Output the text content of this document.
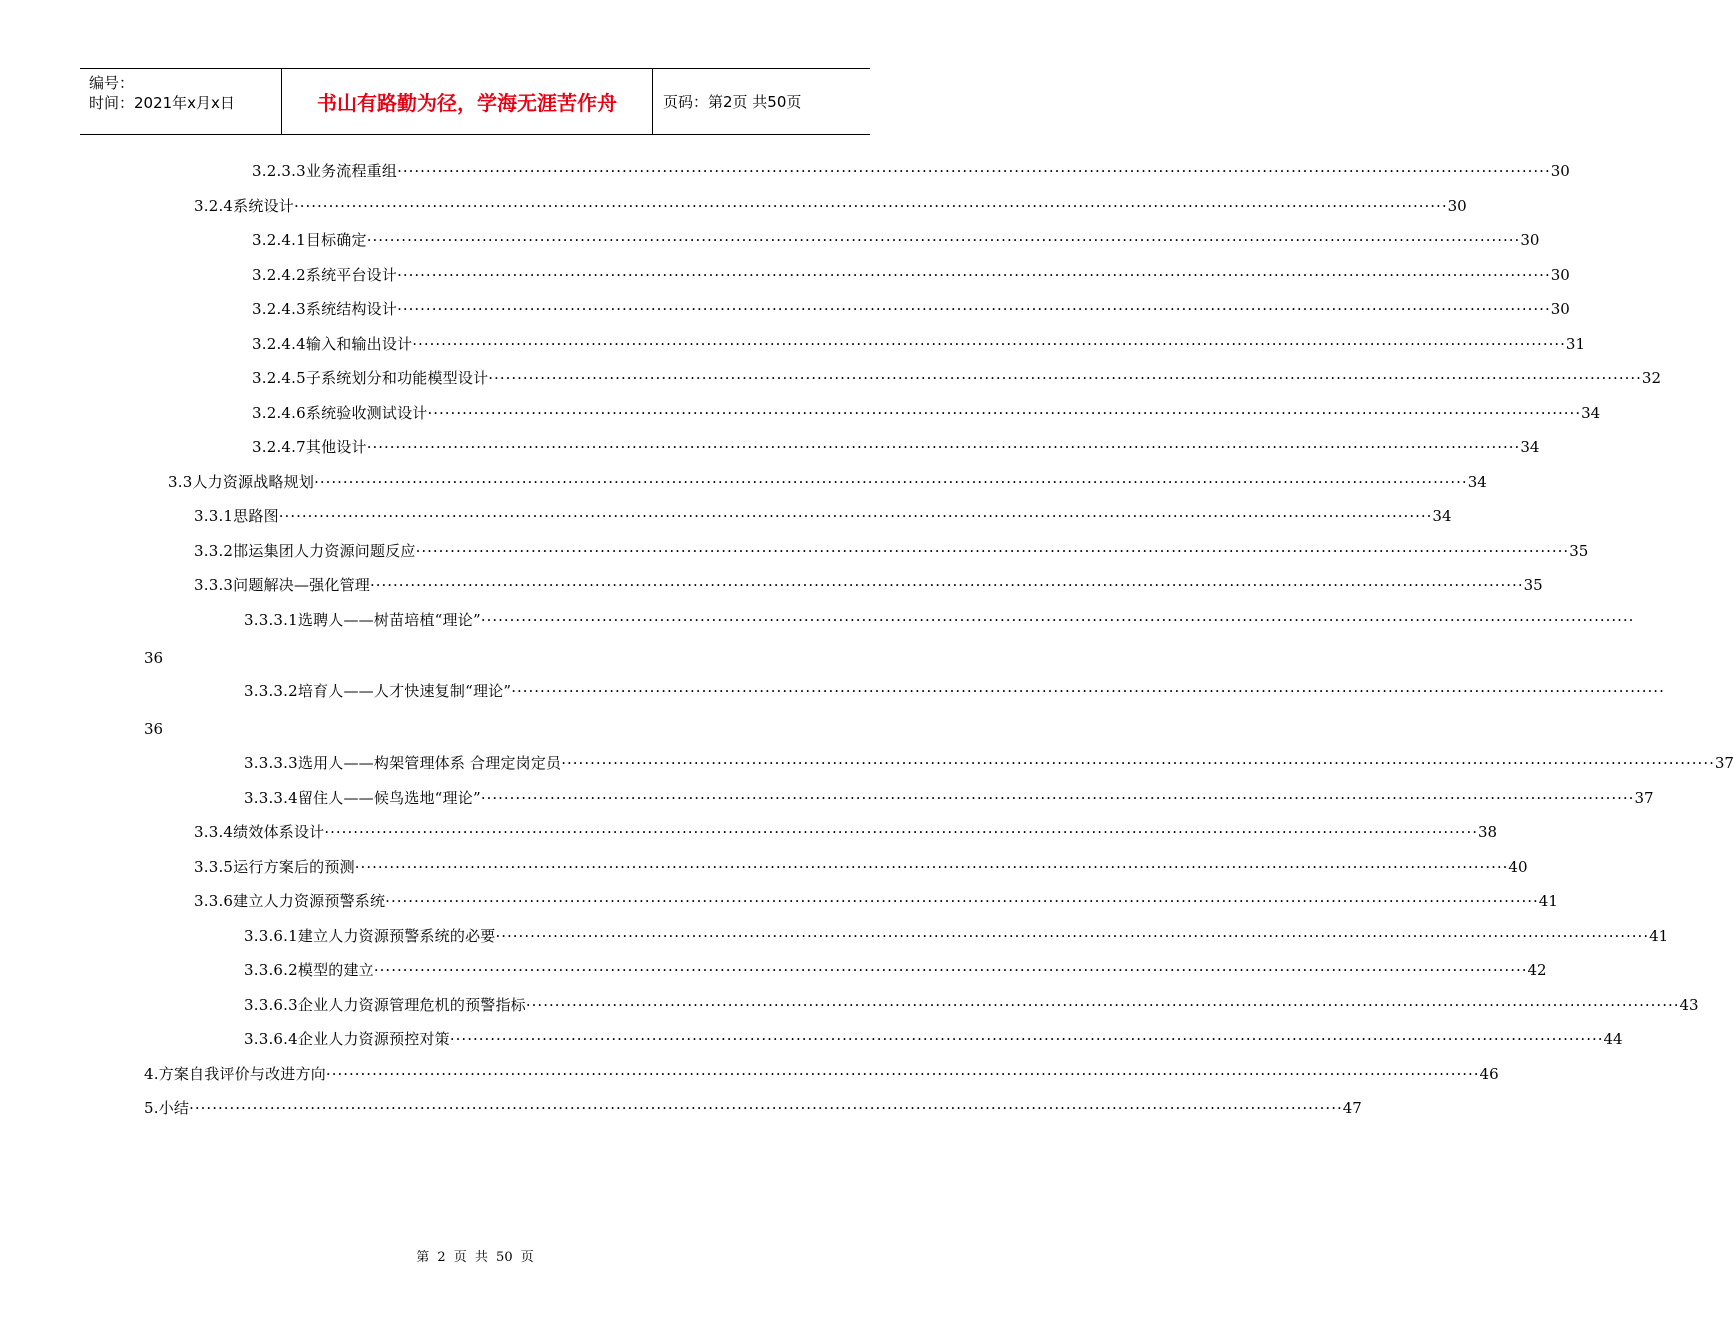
编号：
时间：2021年x月x日	书山有路勤为径，学海无涯苦作舟	页码：第2页 共50页
3.2.3.3业务流程重组 ········································································································································································································ 30
3.2.4系统设计 ········································································································································································································ 30
3.2.4.1目标确定 ········································································································································································································ 30
3.2.4.2系统平台设计 ········································································································································································································ 30
3.2.4.3系统结构设计 ········································································································································································································ 30
3.2.4.4输入和输出设计 ········································································································································································································ 31
3.2.4.5子系统划分和功能模型设计 ········································································································································································································ 32
3.2.4.6系统验收测试设计 ········································································································································································································ 34
3.2.4.7其他设计 ········································································································································································································ 34
3.3人力资源战略规划 ········································································································································································································ 34
3.3.1思路图 ········································································································································································································ 34
3.3.2邯运集团人力资源问题反应 ········································································································································································································ 35
3.3.3问题解决—强化管理 ········································································································································································································ 35
3.3.3.1选聘人——树苗培植“理论” ········································································································································································································
36
3.3.3.2培育人——人才快速复制“理论” ········································································································································································································
36
3.3.3.3选用人——构架管理体系 合理定岗定员 ········································································································································································································ 37
3.3.3.4留住人——候鸟选地“理论” ········································································································································································································ 37
3.3.4绩效体系设计 ········································································································································································································ 38
3.3.5运行方案后的预测 ········································································································································································································ 40
3.3.6建立人力资源预警系统 ········································································································································································································ 41
3.3.6.1建立人力资源预警系统的必要 ········································································································································································································ 41
3.3.6.2模型的建立 ········································································································································································································ 42
3.3.6.3企业人力资源管理危机的预警指标 ········································································································································································································ 43
3.3.6.4企业人力资源预控对策 ········································································································································································································ 44
4.方案自我评价与改进方向 ········································································································································································································ 46
5.小结 ········································································································································································································ 47
第 2 页 共 50 页
